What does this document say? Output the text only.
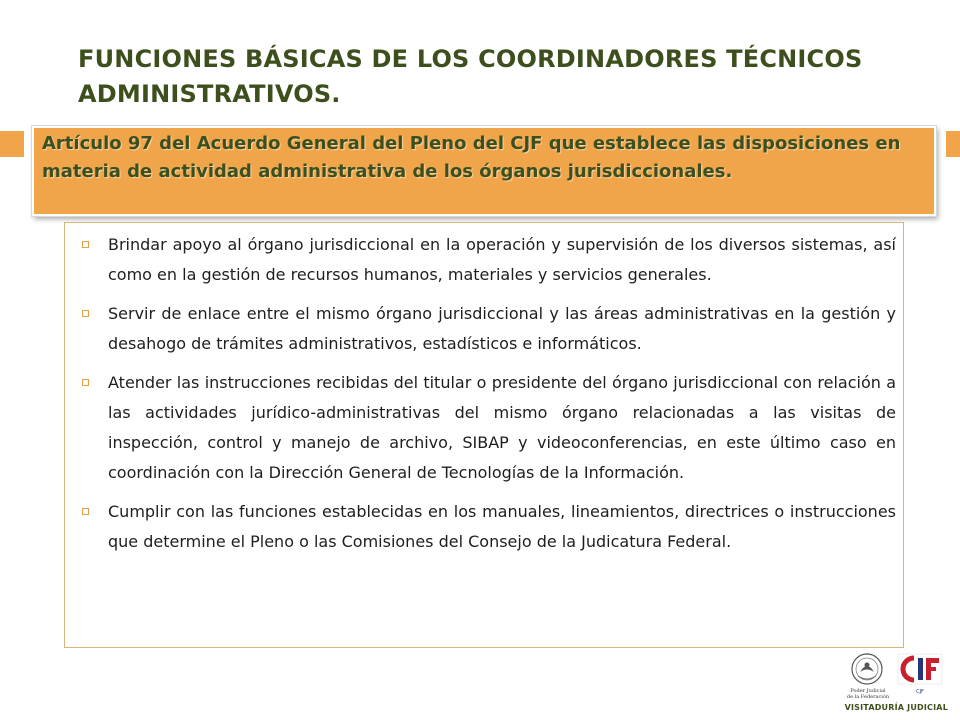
FUNCIONES BÁSICAS DE LOS COORDINADORES TÉCNICOS ADMINISTRATIVOS.
Artículo 97 del Acuerdo General del Pleno del CJF que establece las disposiciones en materia de actividad administrativa de los órganos jurisdiccionales.
Brindar apoyo al órgano jurisdiccional en la operación y supervisión de los diversos sistemas, así como en la gestión de recursos humanos, materiales y servicios generales.
Servir de enlace entre el mismo órgano jurisdiccional y las áreas administrativas en la gestión y desahogo de trámites administrativos, estadísticos e informáticos.
Atender las instrucciones recibidas del titular o presidente del órgano jurisdiccional con relación a las actividades jurídico-administrativas del mismo órgano relacionadas a las visitas de inspección, control y manejo de archivo, SIBAP y videoconferencias, en este último caso en coordinación con la Dirección General de Tecnologías de la Información.
Cumplir con las funciones establecidas en los manuales, lineamientos, directrices o instrucciones que determine el Pleno o las Comisiones del Consejo de la Judicatura Federal.
Poder Judicial
de la Federación
CJF
VISITADURÍA JUDICIAL
